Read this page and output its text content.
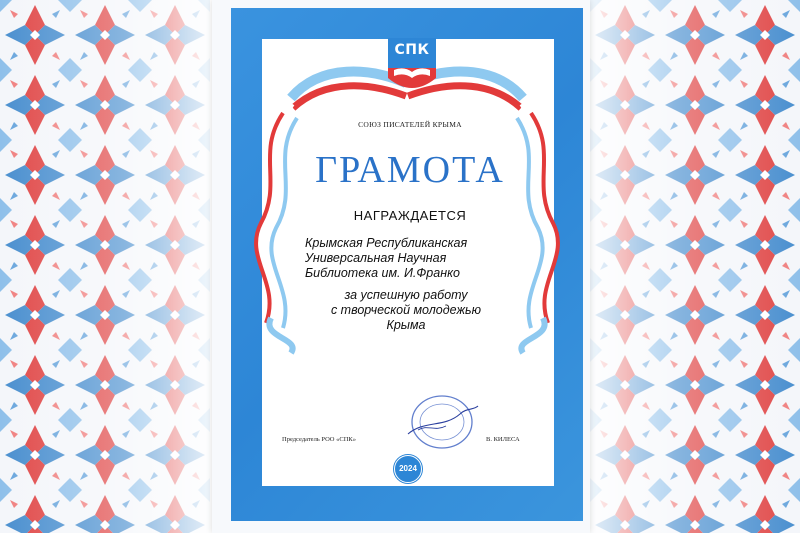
СПК
СОЮЗ ПИСАТЕЛЕЙ КРЫМА
ГРАМОТА
НАГРАЖДАЕТСЯ
Крымская Республиканская
Универсальная Научная
Библиотека им. И.Франко
за успешную работу
с творческой молодежью
Крыма
Председатель РОО «СПК»	В. КИЛЕСА
2024
